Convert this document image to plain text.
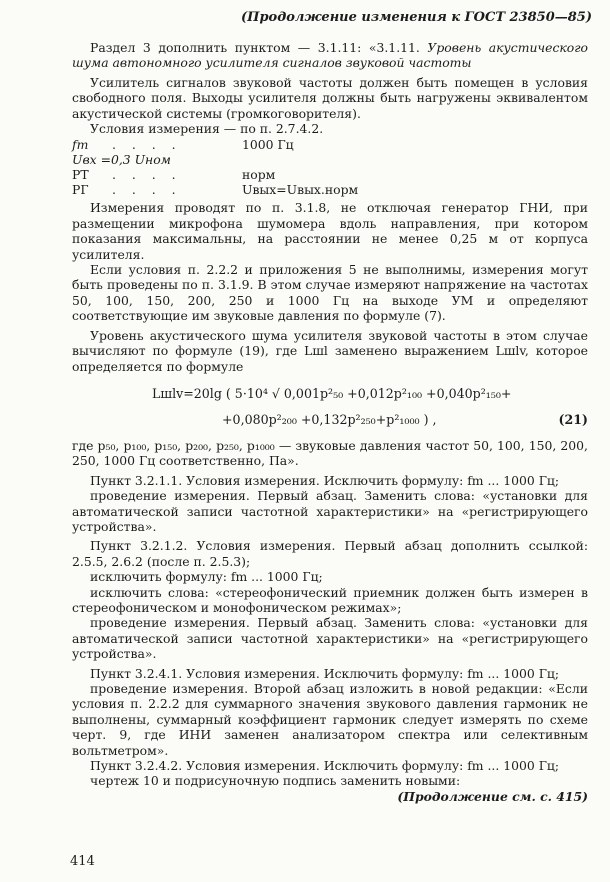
(Продолжение изменения к ГОСТ 23850—85)

Раздел 3 дополнить пунктом — 3.1.11: «3.1.11. Уровень акустического шума автономного усилителя сигналов звуковой частоты

Усилитель сигналов звуковой частоты должен быть помещен в условия свободного поля. Выходы усилителя должны быть нагружены эквивалентом акустической системы (громкоговорителя).

Условия измерения — по п. 2.7.4.2.

fm	. . . .	1000 Гц
Uвх =0,3 Uном
РТ	. . . .	норм
РГ	. . . .	Uвых=Uвых.норм

Измерения проводят по п. 3.1.8, не отключая генератор ГНИ, при размещении микрофона шумомера вдоль направления, при котором показания максимальны, на расстоянии не менее 0,25 м от корпуса усилителя.

Если условия п. 2.2.2 и приложения 5 не выполнимы, измерения могут быть проведены по п. 3.1.9. В этом случае измеряют напряжение на частотах 50, 100, 150, 200, 250 и 1000 Гц на выходе УМ и определяют соответствующие им звуковые давления по формуле (7).

Уровень акустического шума усилителя звуковой частоты в этом случае вычисляют по формуле (19), где Lшl заменено выражением Lшlv, которое определяется по формуле

Lшlv=20lg ( 5·10⁴ √ 0,001p²₅₀ +0,012p²₁₀₀ +0,040p²₁₅₀+
+0,080p²₂₀₀ +0,132p²₂₅₀+p²₁₀₀₀ ) ,	(21)

где p₅₀, p₁₀₀, p₁₅₀, p₂₀₀, p₂₅₀, p₁₀₀₀ — звуковые давления частот 50, 100, 150, 200, 250, 1000 Гц соответственно, Па».

Пункт 3.2.1.1. Условия измерения. Исключить формулу: fm ... 1000 Гц;

проведение измерения. Первый абзац. Заменить слова: «установки для автоматической записи частотной характеристики» на «регистрирующего устройства».

Пункт 3.2.1.2. Условия измерения. Первый абзац дополнить ссылкой: 2.5.5, 2.6.2 (после п. 2.5.3);

исключить формулу: fm ... 1000 Гц;

исключить слова: «стереофонический приемник должен быть измерен в стереофоническом и монофоническом режимах»;

проведение измерения. Первый абзац. Заменить слова: «установки для автоматической записи частотной характеристики» на «регистрирующего устройства».

Пункт 3.2.4.1. Условия измерения. Исключить формулу: fm ... 1000 Гц;

проведение измерения. Второй абзац изложить в новой редакции: «Если условия п. 2.2.2 для суммарного значения звукового давления гармоник не выполнены, суммарный коэффициент гармоник следует измерять по схеме черт. 9, где ИНИ заменен анализатором спектра или селективным вольтметром».

Пункт 3.2.4.2. Условия измерения. Исключить формулу: fm ... 1000 Гц;

чертеж 10 и подрисуночную подпись заменить новыми:

(Продолжение см. с. 415)

414
